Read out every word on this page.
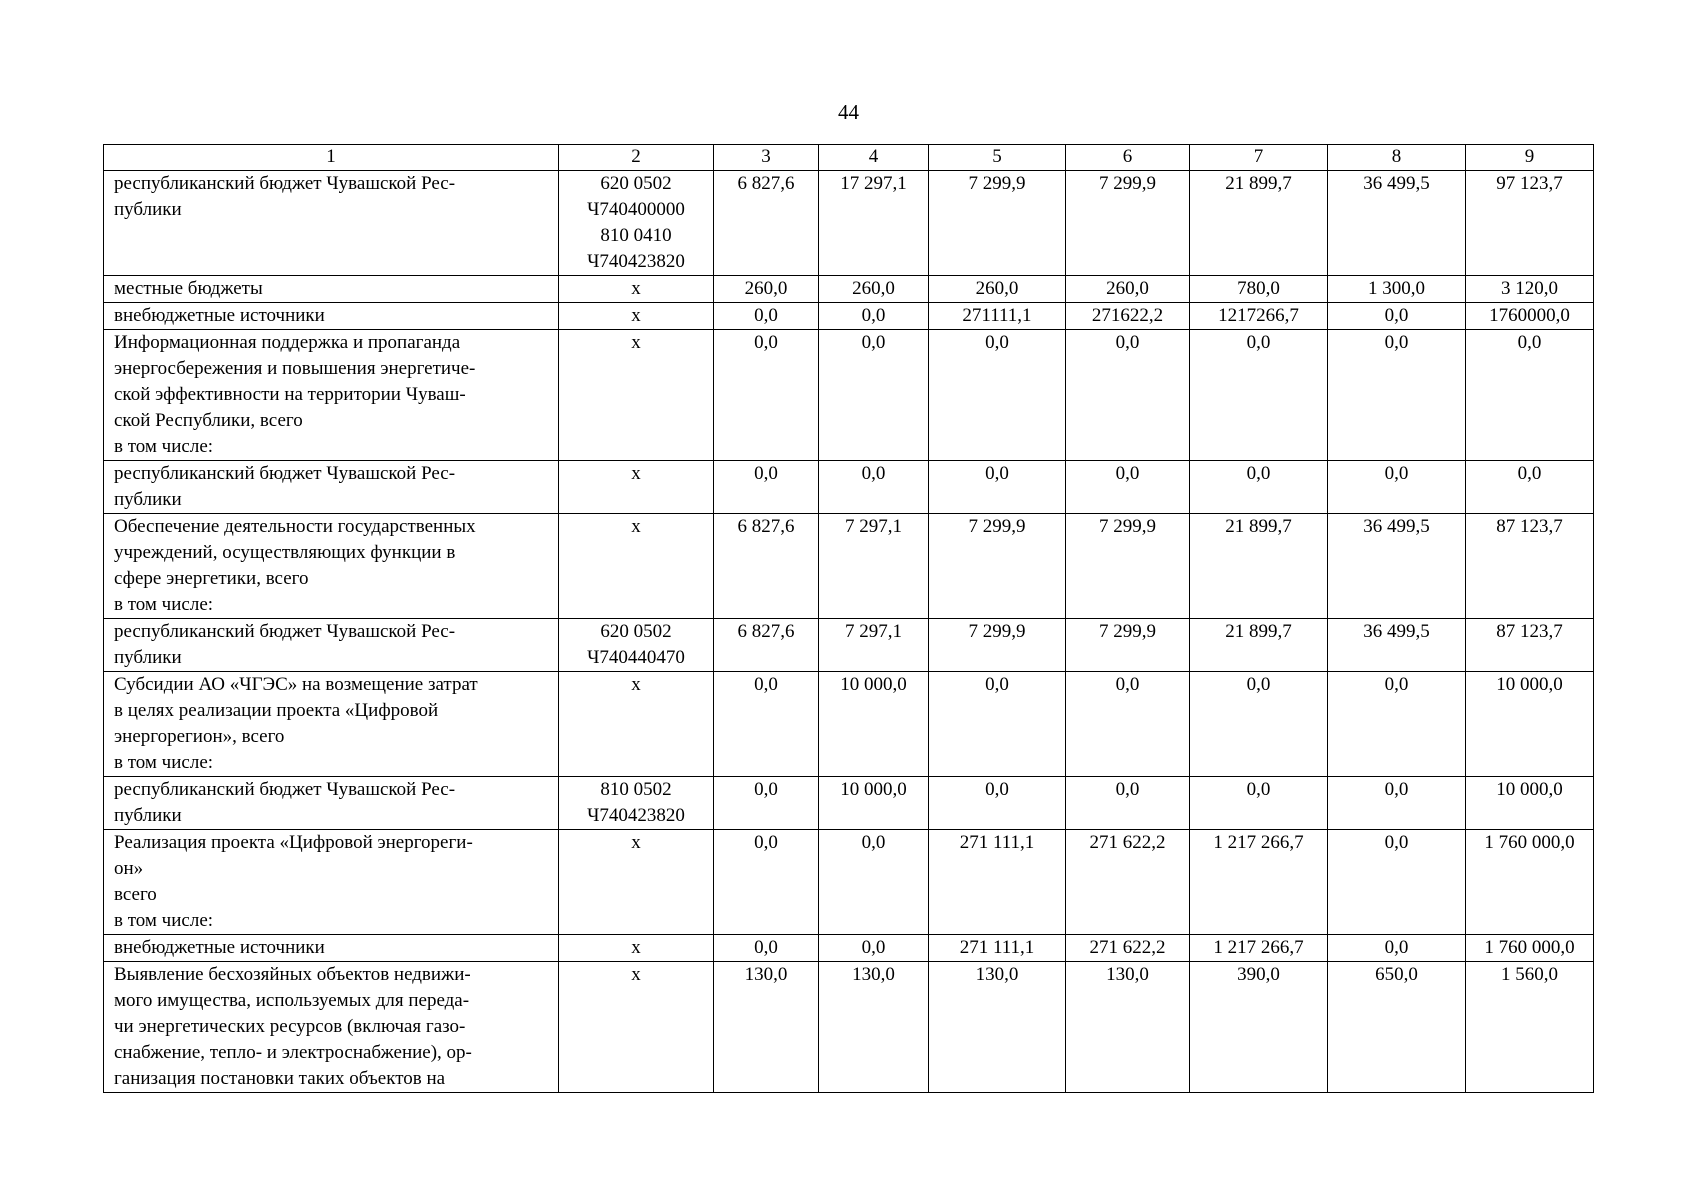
44
1	2	3	4	5	6	7	8	9

республиканский бюджет Чувашской Рес-
публики	620 0502
Ч740400000
810 0410
Ч740423820	6 827,6	17 297,1	7 299,9	7 299,9	21 899,7	36 499,5	97 123,7

местные бюджеты	x	260,0	260,0	260,0	260,0	780,0	1 300,0	3 120,0

внебюджетные источники	x	0,0	0,0	271111,1	271622,2	1217266,7	0,0	1760000,0

Информационная поддержка и пропаганда
энергосбережения и повышения энергетиче-
ской эффективности на территории Чуваш-
ской Республики, всего
в том числе:	x	0,0	0,0	0,0	0,0	0,0	0,0	0,0

республиканский бюджет Чувашской Рес-
публики	x	0,0	0,0	0,0	0,0	0,0	0,0	0,0

Обеспечение деятельности государственных
учреждений, осуществляющих функции в
сфере энергетики, всего
в том числе:	x	6 827,6	7 297,1	7 299,9	7 299,9	21 899,7	36 499,5	87 123,7

республиканский бюджет Чувашской Рес-
публики	620 0502
Ч740440470	6 827,6	7 297,1	7 299,9	7 299,9	21 899,7	36 499,5	87 123,7

Субсидии АО «ЧГЭС» на возмещение затрат
в целях реализации проекта «Цифровой
энергорегион», всего
в том числе:	x	0,0	10 000,0	0,0	0,0	0,0	0,0	10 000,0

республиканский бюджет Чувашской Рес-
публики	810 0502
Ч740423820	0,0	10 000,0	0,0	0,0	0,0	0,0	10 000,0

Реализация проекта «Цифровой энергореги-
он»
всего
в том числе:	x	0,0	0,0	271 111,1	271 622,2	1 217 266,7	0,0	1 760 000,0

внебюджетные источники	x	0,0	0,0	271 111,1	271 622,2	1 217 266,7	0,0	1 760 000,0

Выявление бесхозяйных объектов недвижи-
мого имущества, используемых для переда-
чи энергетических ресурсов (включая газо-
снабжение, тепло- и электроснабжение), ор-
ганизация постановки таких объектов на	x	130,0	130,0	130,0	130,0	390,0	650,0	1 560,0
